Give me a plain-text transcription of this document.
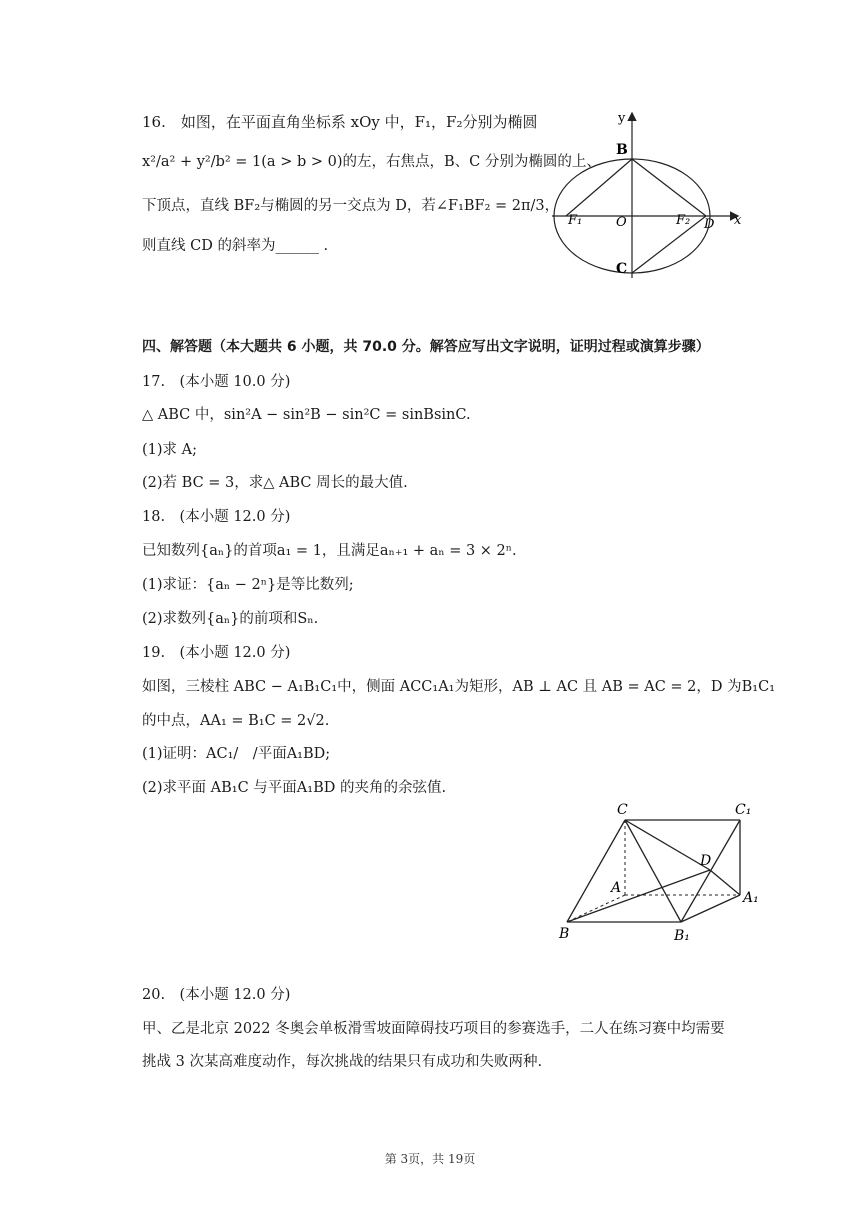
16.　如图，在平面直角坐标系 xOy 中，F₁，F₂分别为椭圆
x²/a² + y²/b² = 1(a > b > 0)的左，右焦点，B、C 分别为椭圆的上、
下顶点，直线 BF₂与椭圆的另一交点为 D，若∠F₁BF₂ = 2π/3，
则直线 CD 的斜率为______ .
y
x
B
C
O
F₁	F₂ D
四、解答题（本大题共 6 小题，共 70.0 分。解答应写出文字说明，证明过程或演算步骤）
17.　(本小题 10.0 分)
△ ABC 中，sin²A − sin²B − sin²C = sinBsinC.
(1)求 A;
(2)若 BC = 3，求△ ABC 周长的最大值.
18.　(本小题 12.0 分)
已知数列{aₙ}的首项a₁ = 1，且满足aₙ₊₁ + aₙ = 3 × 2ⁿ.
(1)求证：{aₙ − 2ⁿ}是等比数列;
(2)求数列{aₙ}的前项和Sₙ.
19.　(本小题 12.0 分)
如图，三棱柱 ABC − A₁B₁C₁中，侧面 ACC₁A₁为矩形，AB ⊥ AC 且 AB = AC = 2，D 为B₁C₁
的中点，AA₁ = B₁C = 2√2.
(1)证明：AC₁/　/平面A₁BD;
(2)求平面 AB₁C 与平面A₁BD 的夹角的余弦值.
C	C₁
D
A
A₁
B	B₁
20.　(本小题 12.0 分)
甲、乙是北京 2022 冬奥会单板滑雪坡面障碍技巧项目的参赛选手，二人在练习赛中均需要
挑战 3 次某高难度动作，每次挑战的结果只有成功和失败两种.
第 3页，共 19页
